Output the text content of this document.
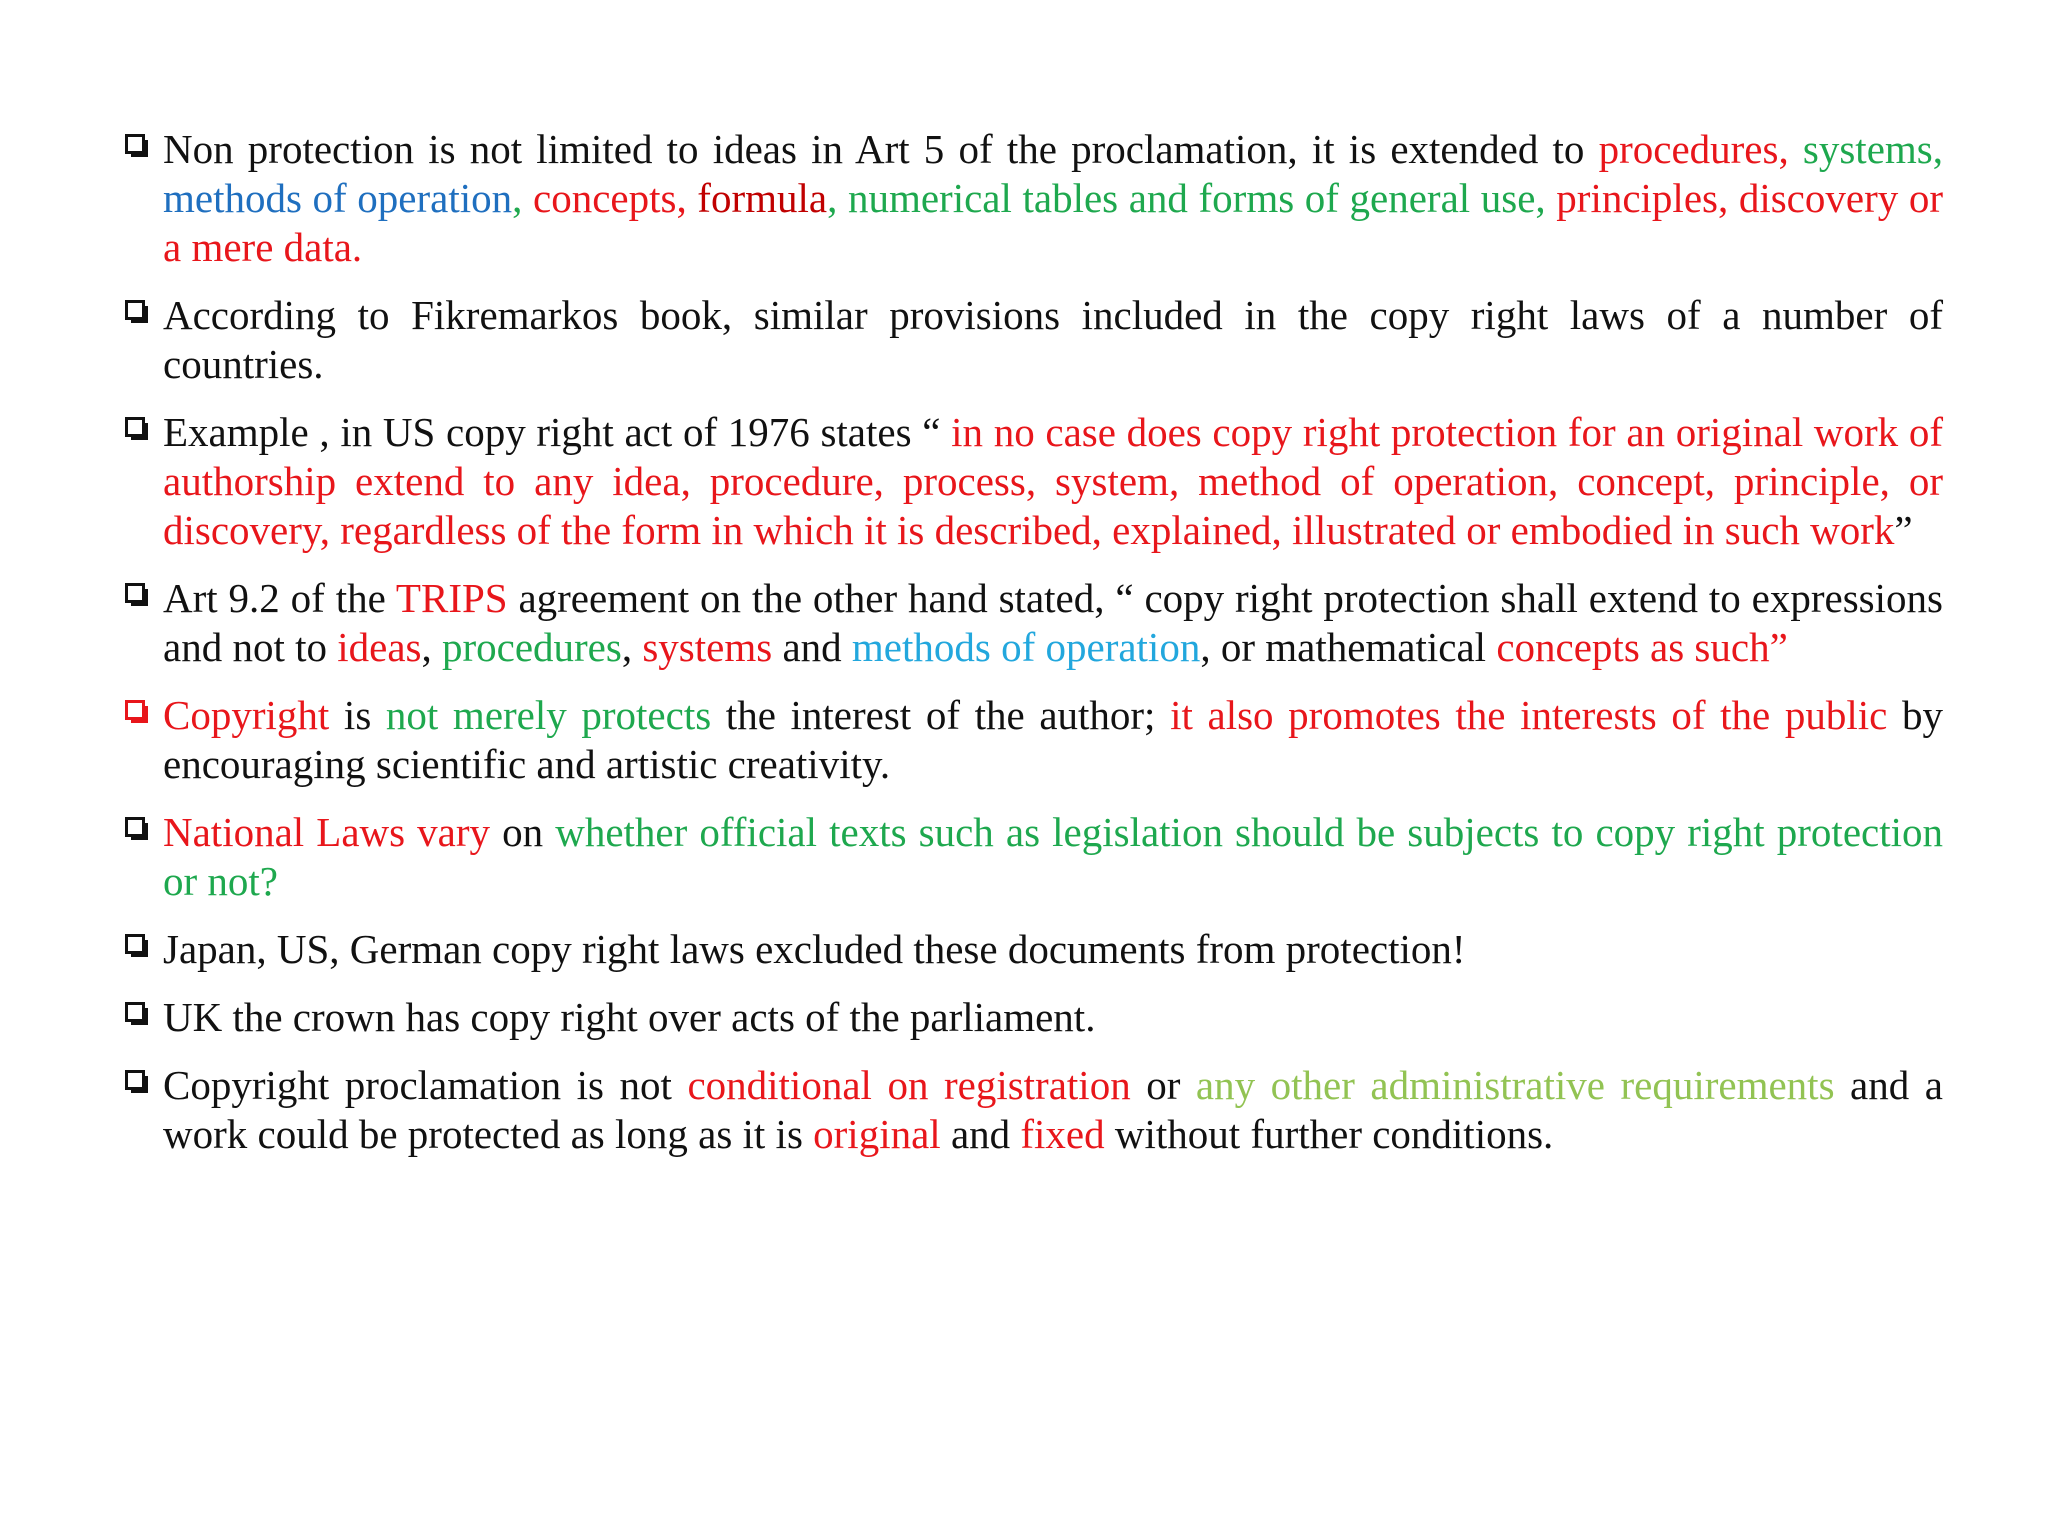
Non protection is not limited to ideas in Art 5 of the proclamation, it is extended to procedures, systems, methods of operation, concepts, formula, numerical tables and forms of general use, principles, discovery or a mere data.
According to Fikremarkos book, similar provisions included in the copy right laws of a number of countries.
Example , in US copy right act of 1976 states “ in no case does copy right protection for an original work of authorship extend to any idea, procedure, process, system, method of operation, concept, principle, or discovery, regardless of the form in which it is described, explained, illustrated or embodied in such work”
Art 9.2 of the TRIPS agreement on the other hand stated, “ copy right protection shall extend to expressions and not to ideas, procedures, systems and methods of operation, or mathematical concepts as such”
Copyright is not merely protects the interest of the author; it also promotes the interests of the public by encouraging scientific and artistic creativity.
National Laws vary on whether official texts such as legislation should be subjects to copy right protection or not?
Japan, US, German copy right laws excluded these documents from protection!
UK the crown has copy right over acts of the parliament.
Copyright proclamation is not conditional on registration or any other administrative requirements and a work could be protected as long as it is original and fixed without further conditions.
